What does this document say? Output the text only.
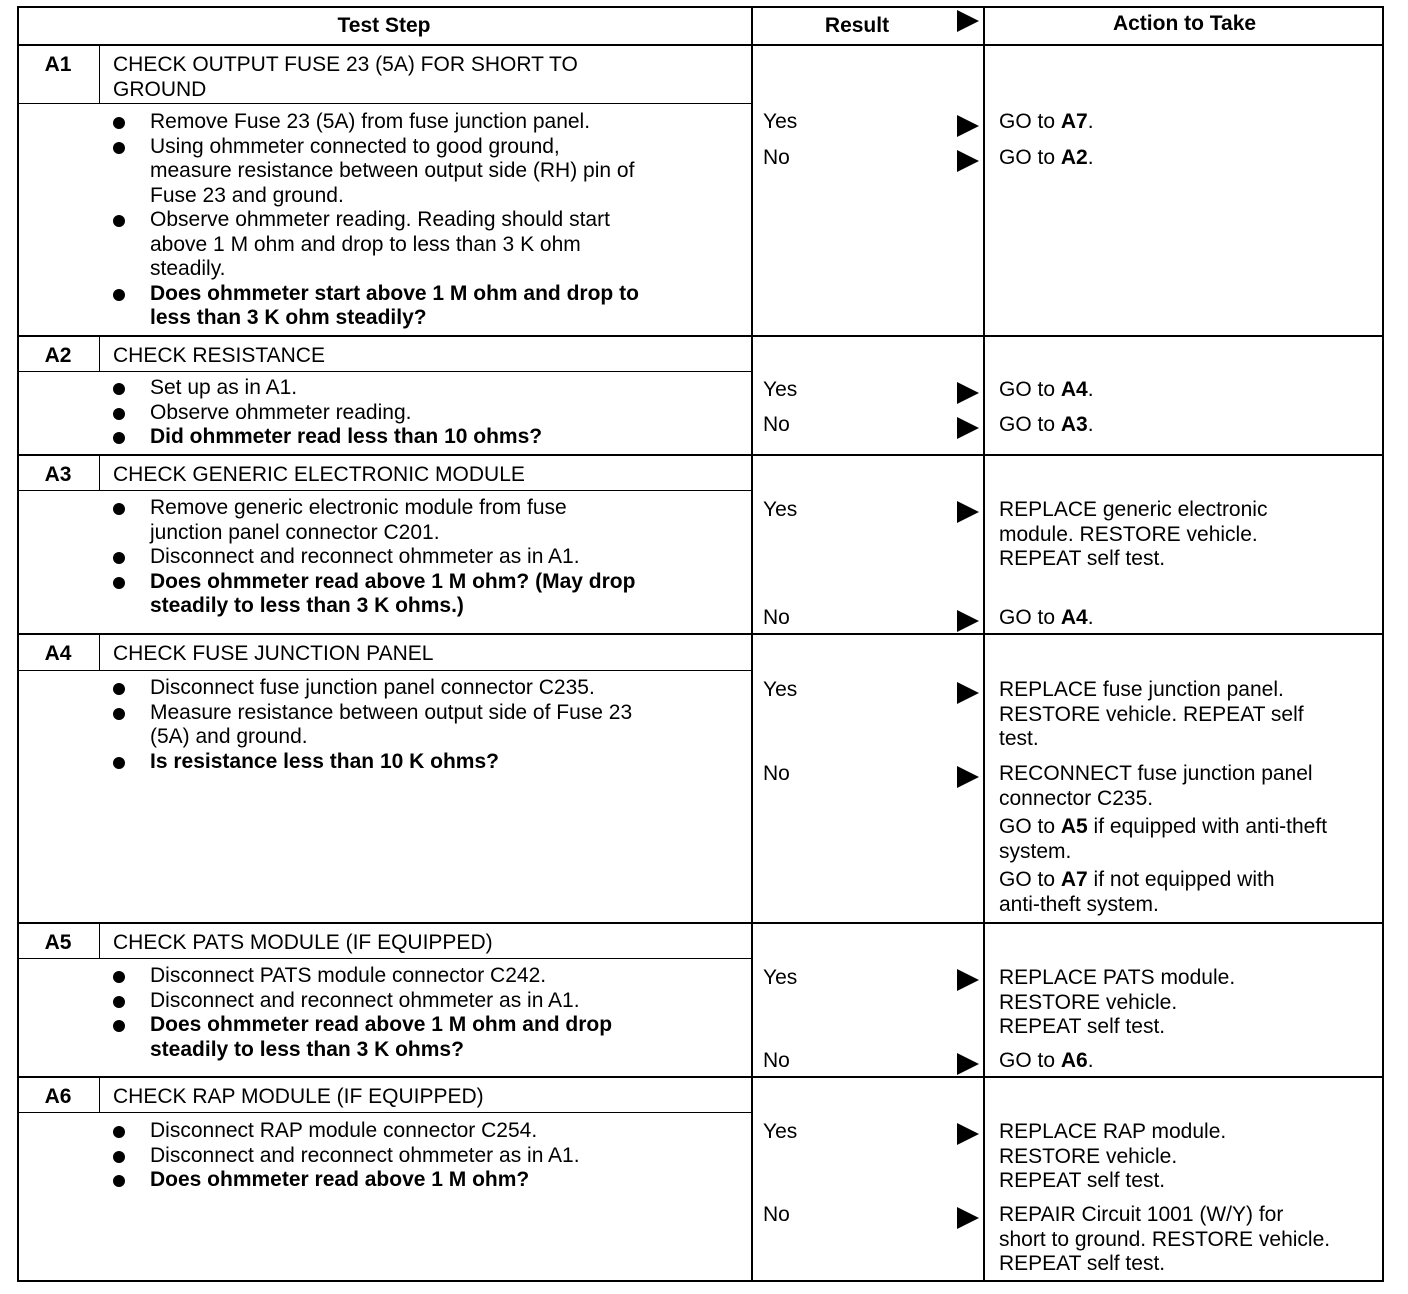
Test Step	Result	Action to Take
A1	CHECK OUTPUT FUSE 23 (5A) FOR SHORT TO
GROUND
Remove Fuse 23 (5A) from fuse junction panel.
Using ohmmeter connected to good ground,
measure resistance between output side (RH) pin of
Fuse 23 and ground.
Observe ohmmeter reading. Reading should start
above 1 M ohm and drop to less than 3 K ohm
steadily.
Does ohmmeter start above 1 M ohm and drop to
less than 3 K ohm steadily?
Yes	GO to A7.
No	GO to A2.
A2	CHECK RESISTANCE
Set up as in A1.
Observe ohmmeter reading.
Did ohmmeter read less than 10 ohms?
Yes	GO to A4.
No	GO to A3.
A3	CHECK GENERIC ELECTRONIC MODULE
Remove generic electronic module from fuse
junction panel connector C201.
Disconnect and reconnect ohmmeter as in A1.
Does ohmmeter read above 1 M ohm? (May drop
steadily to less than 3 K ohms.)
Yes	REPLACE generic electronic
module. RESTORE vehicle.
REPEAT self test.
No	GO to A4.
A4	CHECK FUSE JUNCTION PANEL
Disconnect fuse junction panel connector C235.
Measure resistance between output side of Fuse 23
(5A) and ground.
Is resistance less than 10 K ohms?
Yes	REPLACE fuse junction panel.
RESTORE vehicle. REPEAT self
test.
No	RECONNECT fuse junction panel
connector C235.
GO to A5 if equipped with anti-theft
system.
GO to A7 if not equipped with
anti-theft system.
A5	CHECK PATS MODULE (IF EQUIPPED)
Disconnect PATS module connector C242.
Disconnect and reconnect ohmmeter as in A1.
Does ohmmeter read above 1 M ohm and drop
steadily to less than 3 K ohms?
Yes	REPLACE PATS module.
RESTORE vehicle.
REPEAT self test.
No	GO to A6.
A6	CHECK RAP MODULE (IF EQUIPPED)
Disconnect RAP module connector C254.
Disconnect and reconnect ohmmeter as in A1.
Does ohmmeter read above 1 M ohm?
Yes	REPLACE RAP module.
RESTORE vehicle.
REPEAT self test.
No	REPAIR Circuit 1001 (W/Y) for
short to ground. RESTORE vehicle.
REPEAT self test.
